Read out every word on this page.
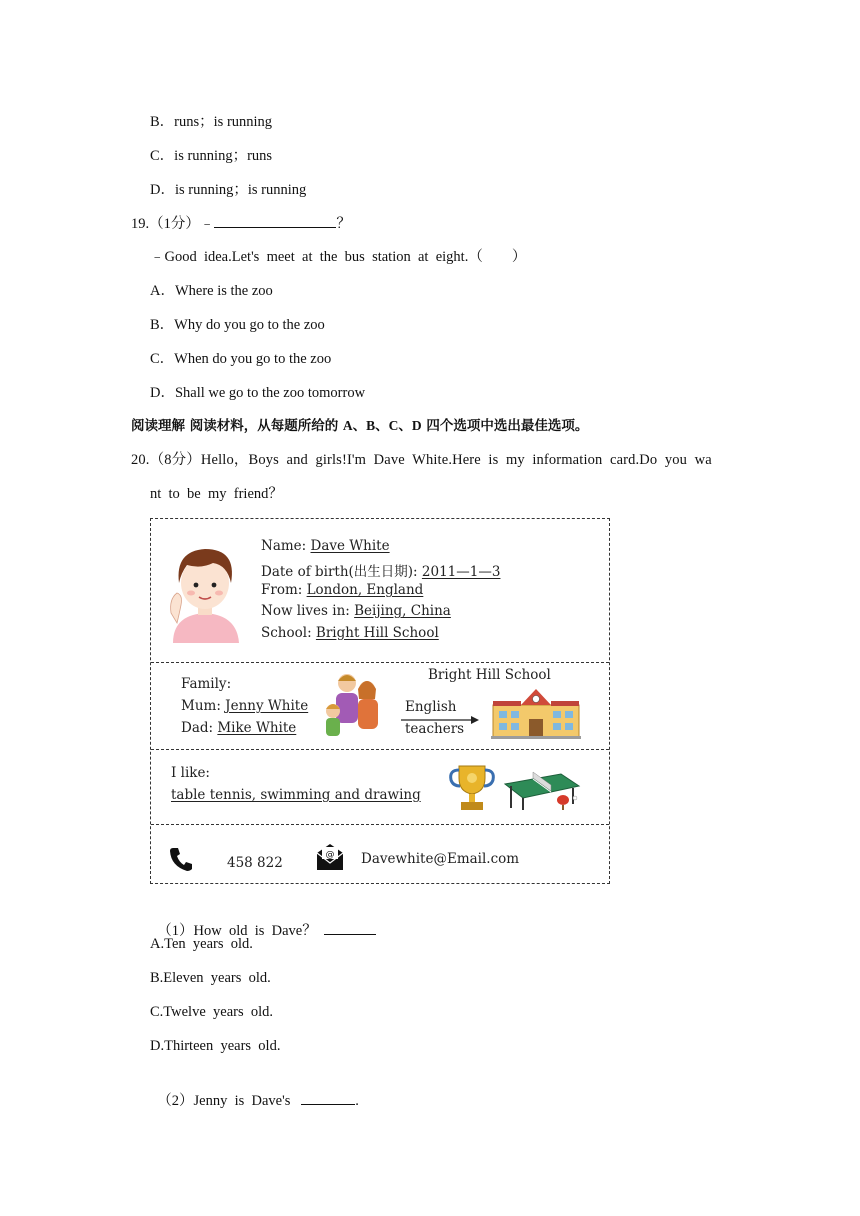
B．runs；is running
C．is running；runs
D．is running；is running
19.（1分）﹣	？
﹣Good  idea.Let's  meet  at  the  bus  station  at  eight.（        ）
A．Where is the zoo
B．Why do you go to the zoo
C．When do you go to the zoo
D．Shall we go to the zoo tomorrow
阅读理解 阅读材料，从每题所给的 A、B、C、D 四个选项中选出最佳选项。
20.（8分）Hello，Boys  and  girls!I'm  Dave  White.Here  is  my  information  card.Do  you  wa
nt  to  be  my  friend？
Name: Dave White
Date of birth(出生日期): 2011—1—3
From: London, England
Now lives in: Beijing, China
School: Bright Hill School
Family:
Mum: Jenny White
Dad: Mike White
Bright Hill School
English
teachers
I like:
table tennis, swimming and drawing
458 822	@ Davewhite@Email.com

（1）How  old  is  Dave？

A.Ten  years  old.
B.Eleven  years  old.
C.Twelve  years  old.
D.Thirteen  years  old.

（2）Jenny  is  Dave's	.
